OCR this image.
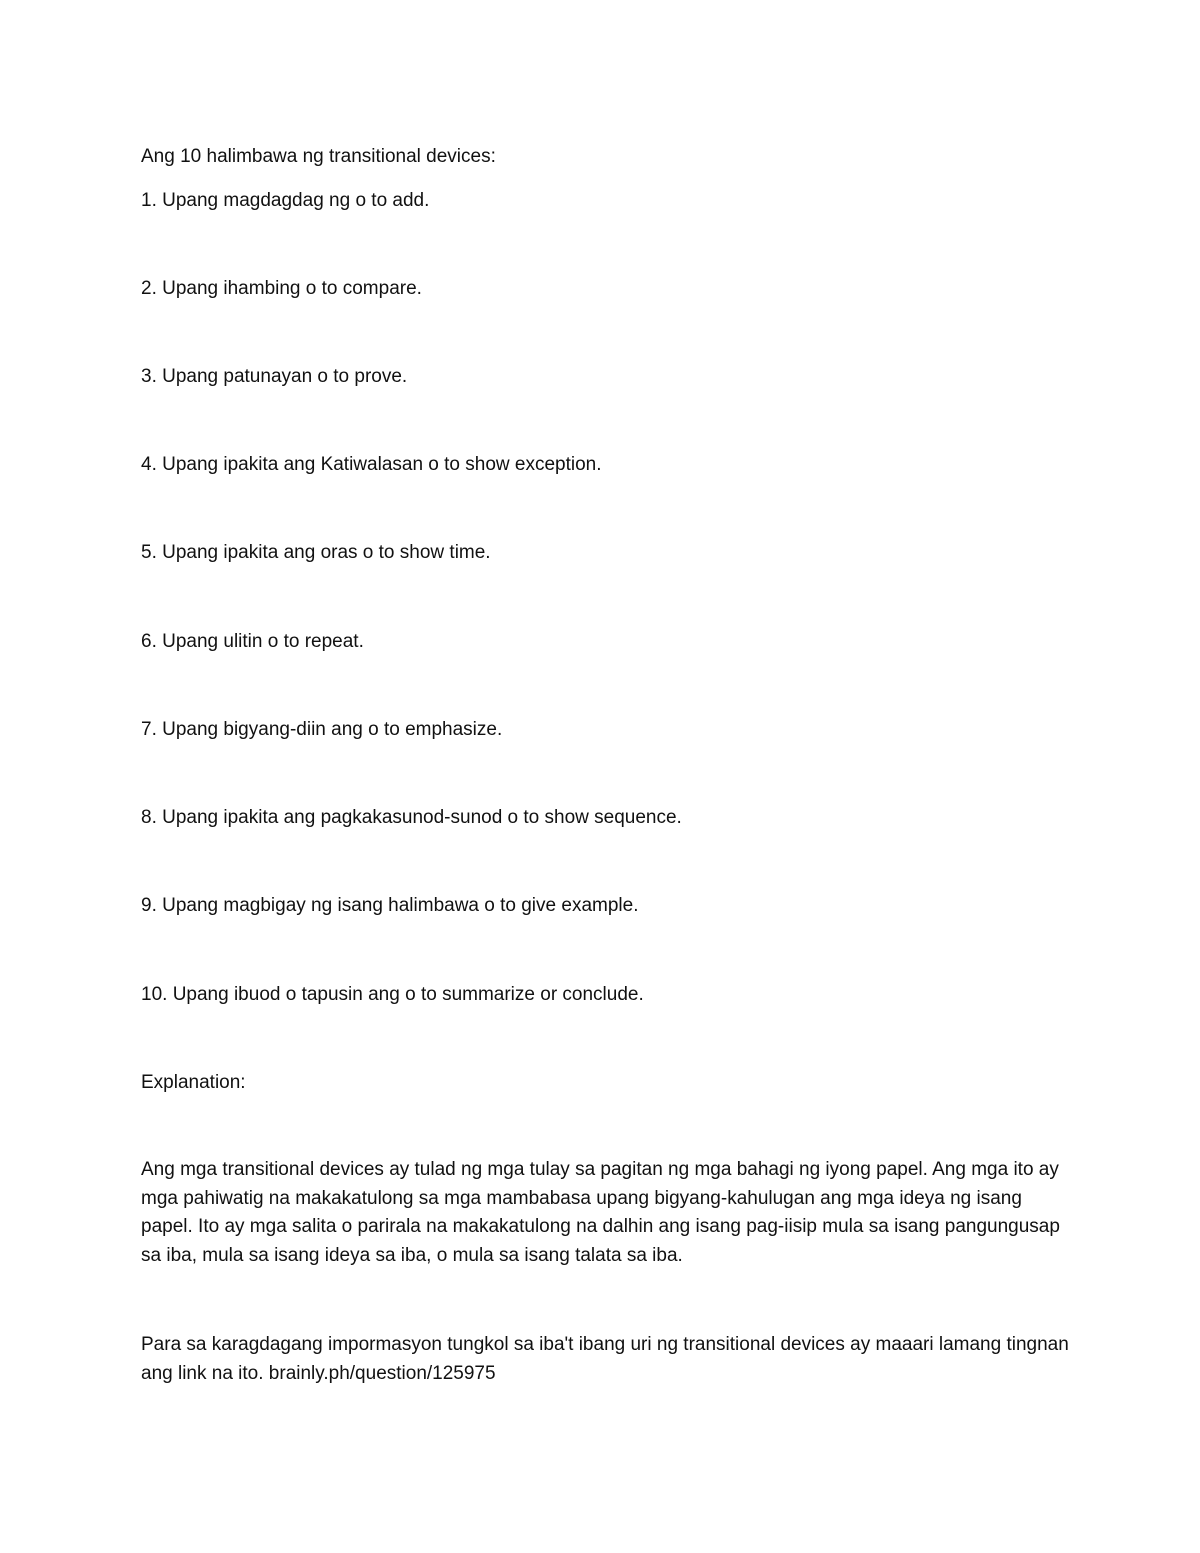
Ang 10 halimbawa ng transitional devices:
1. Upang magdagdag ng o to add.
2. Upang ihambing o to compare.
3. Upang patunayan o to prove.
4. Upang ipakita ang Katiwalasan o to show exception.
5. Upang ipakita ang oras o to show time.
6. Upang ulitin o to repeat.
7. Upang bigyang-diin ang o to emphasize.
8. Upang ipakita ang pagkakasunod-sunod o to show sequence.
9. Upang magbigay ng isang halimbawa o to give example.
10. Upang ibuod o tapusin ang o to summarize or conclude.
Explanation:
Ang mga transitional devices ay tulad ng mga tulay sa pagitan ng mga bahagi ng iyong papel. Ang mga ito ay mga pahiwatig na makakatulong sa mga mambabasa upang bigyang-kahulugan ang mga ideya ng isang papel. Ito ay mga salita o parirala na makakatulong na dalhin ang isang pag-iisip mula sa isang pangungusap sa iba, mula sa isang ideya sa iba, o mula sa isang talata sa iba.
Para sa karagdagang impormasyon tungkol sa iba't ibang uri ng transitional devices ay maaari lamang tingnan ang link na ito. brainly.ph/question/125975
